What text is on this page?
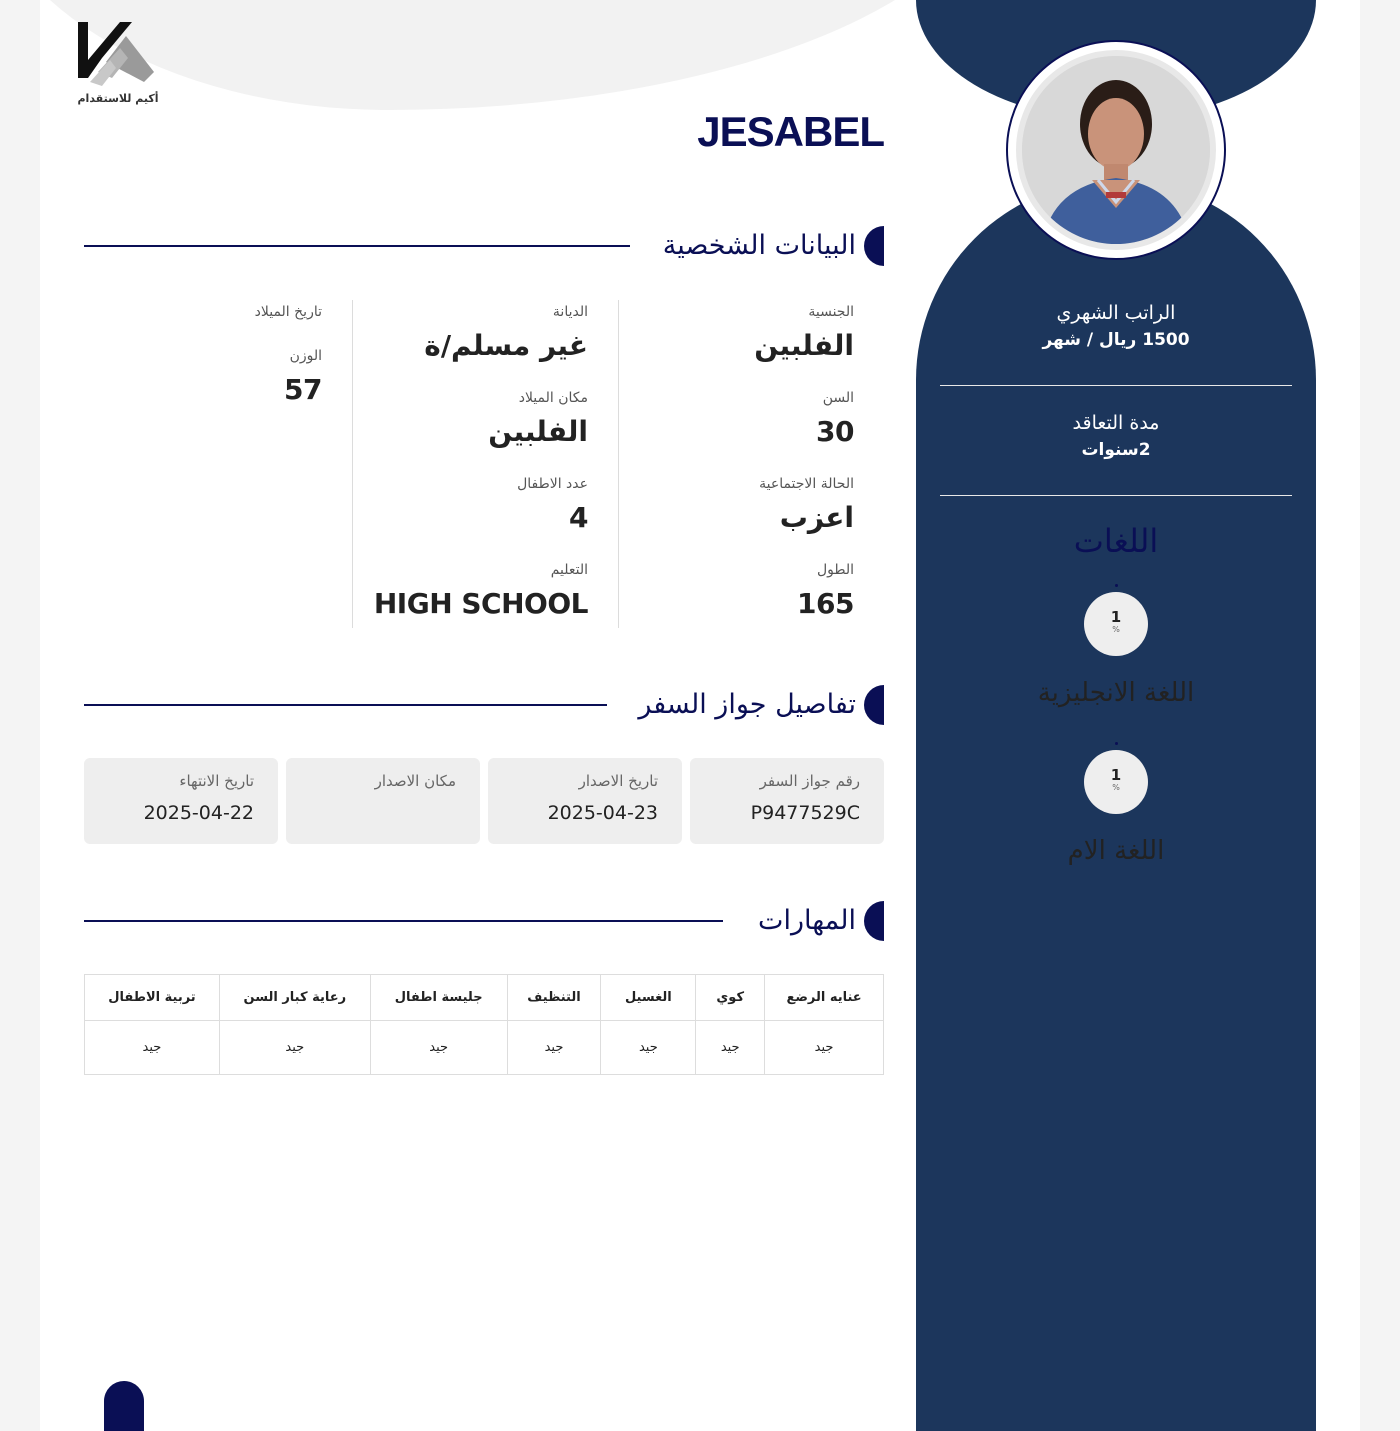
أكيم للاستقدام
JESABEL
البيانات الشخصية
الجنسية
الفلبين
السن
30
الحالة الاجتماعية
اعزب
الطول
165
الديانة
غير مسلم/ة
مكان الميلاد
الفلبين
عدد الاطفال
4
التعليم
HIGH SCHOOL
تاريخ الميلاد
الوزن
57
تفاصيل جواز السفر
رقم جواز السفر
P9477529C
تاريخ الاصدار
2025-04-23
مكان الاصدار
تاريخ الانتهاء
2025-04-22
المهارات
عنايه الرضع	كوي	الغسيل	التنظيف	جليسة اطفال	رعاية كبار السن	تربية الاطفال
جيد	جيد	جيد	جيد	جيد	جيد	جيد
الراتب الشهري
1500 ريال / شهر
مدة التعاقد
2سنوات
اللغات
1
%
اللغة الانجليزية
1
%
اللغة الام
